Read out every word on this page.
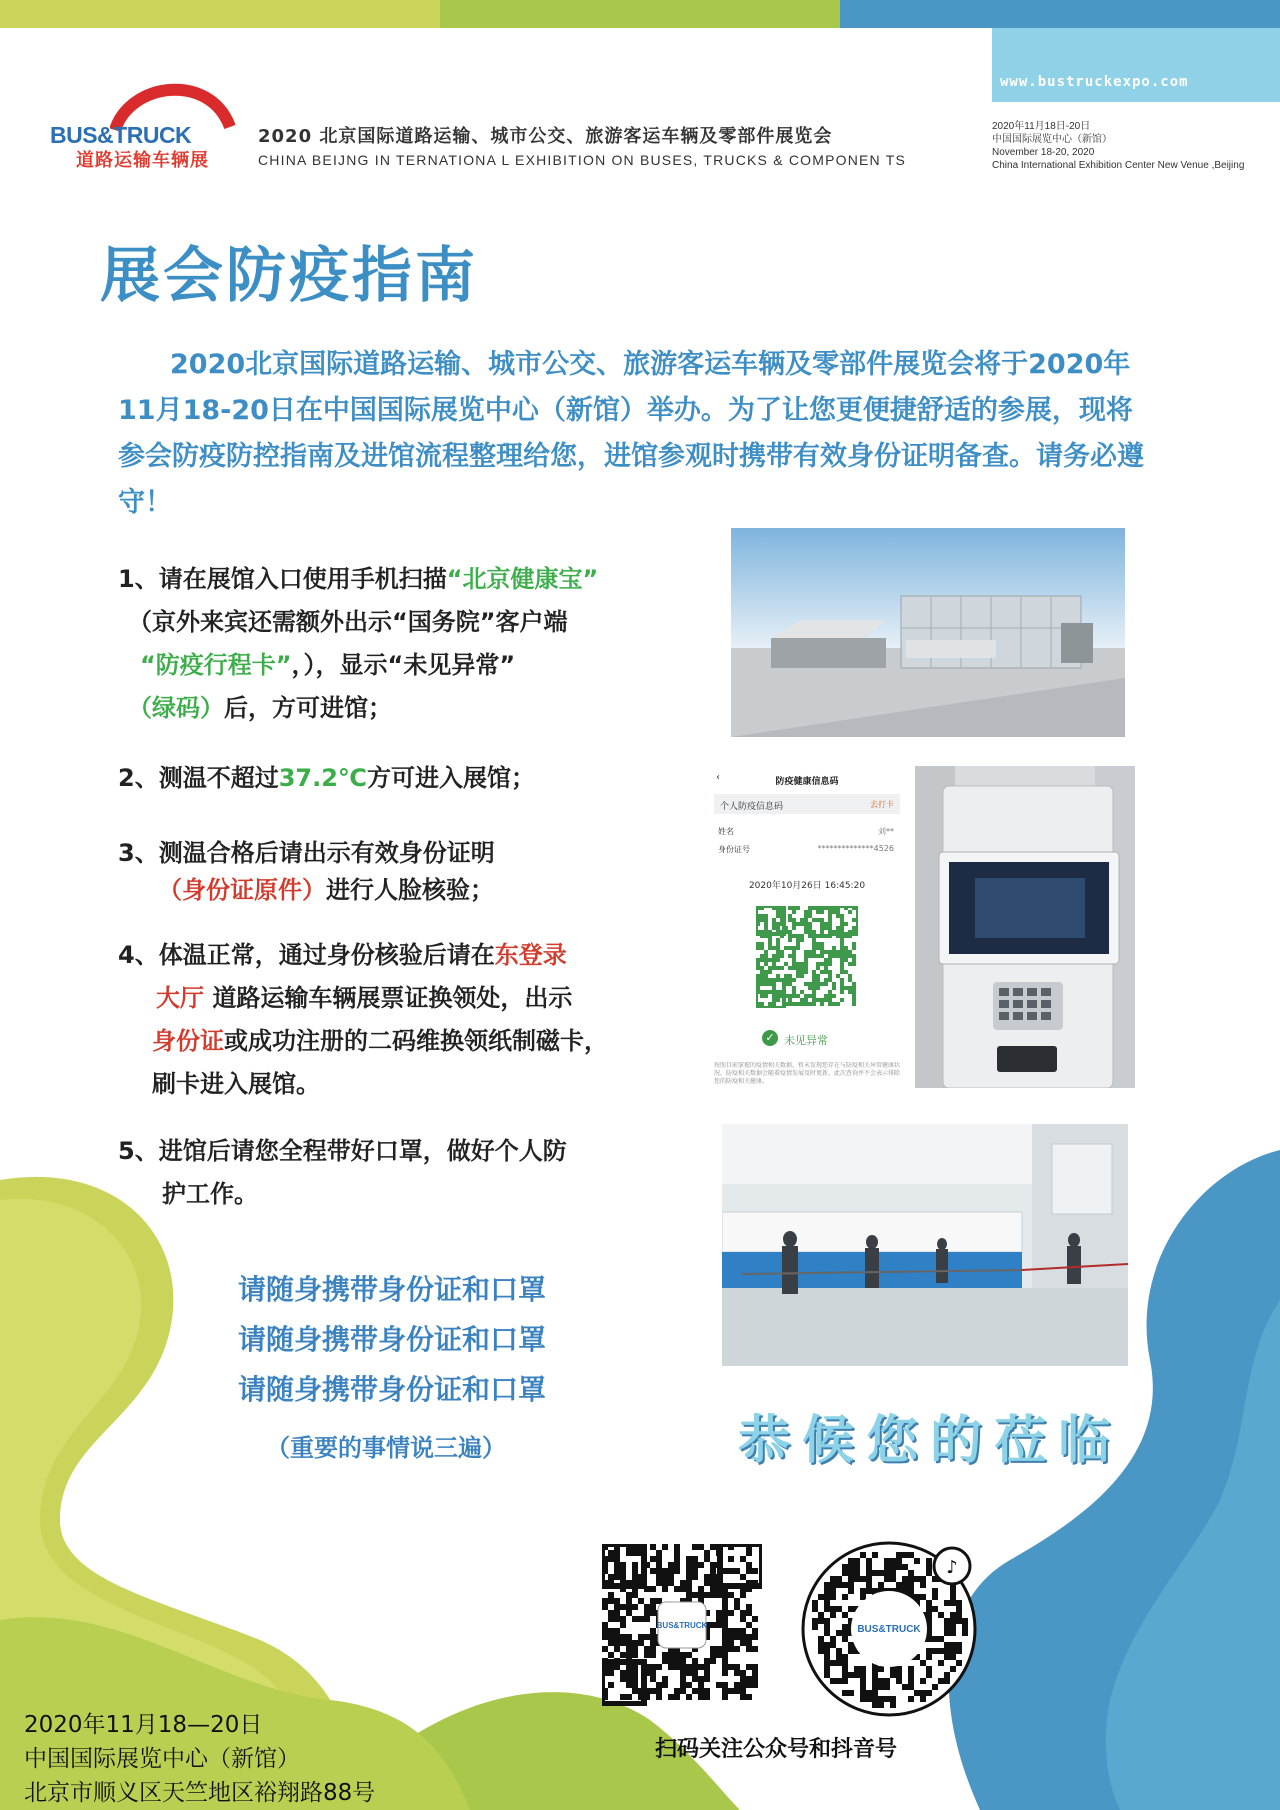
www.bustruckexpo.com
BUS&TRUCK
道路运输车辆展
2020 北京国际道路运输、城市公交、旅游客运车辆及零部件展览会
CHINA BEIJNG IN TERNATIONA L EXHIBITION ON BUSES, TRUCKS & COMPONEN TS
2020年11月18日-20日
中国国际展览中心（新馆）
November 18-20, 2020
China International Exhibition Center New Venue ,Beijing
展会防疫指南
2020北京国际道路运输、城市公交、旅游客运车辆及零部件展览会将于2020年11月18-20日在中国国际展览中心（新馆）举办。为了让您更便捷舒适的参展，现将参会防疫防控指南及进馆流程整理给您，进馆参观时携带有效身份证明备查。请务必遵守！
1、请在展馆入口使用手机扫描“北京健康宝”
（京外来宾还需额外出示“国务院”客户端
“防疫行程卡”，），显示“未见异常”
（绿码）后，方可进馆；
2、测温不超过37.2℃方可进入展馆；
3、测温合格后请出示有效身份证明
（身份证原件）进行人脸核验；
4、体温正常，通过身份核验后请在东登录
大厅 道路运输车辆展票证换领处，出示
身份证或成功注册的二码维换领纸制磁卡，
刷卡进入展馆。
5、进馆后请您全程带好口罩，做好个人防
护工作。
‹	防疫健康信息码
个人防疫信息码	去打卡
姓名	刘**
身份证号	**************4526
2020年10月26日 16:45:20
✓ 未见异常
按照目前掌握的疫情相关数据，暂未发现您存在与防疫相关异常健康状况。防疫相关数据会随着疫情发展及时更新，此次查询并不会表示排除您的防疫相关健康。
请随身携带身份证和口罩
请随身携带身份证和口罩
请随身携带身份证和口罩
（重要的事情说三遍）	恭候您的莅临
BUS&TRUCK	BUS&TRUCK
♪
扫码关注公众号和抖音号
2020年11月18—20日
中国国际展览中心（新馆）
北京市顺义区天竺地区裕翔路88号
